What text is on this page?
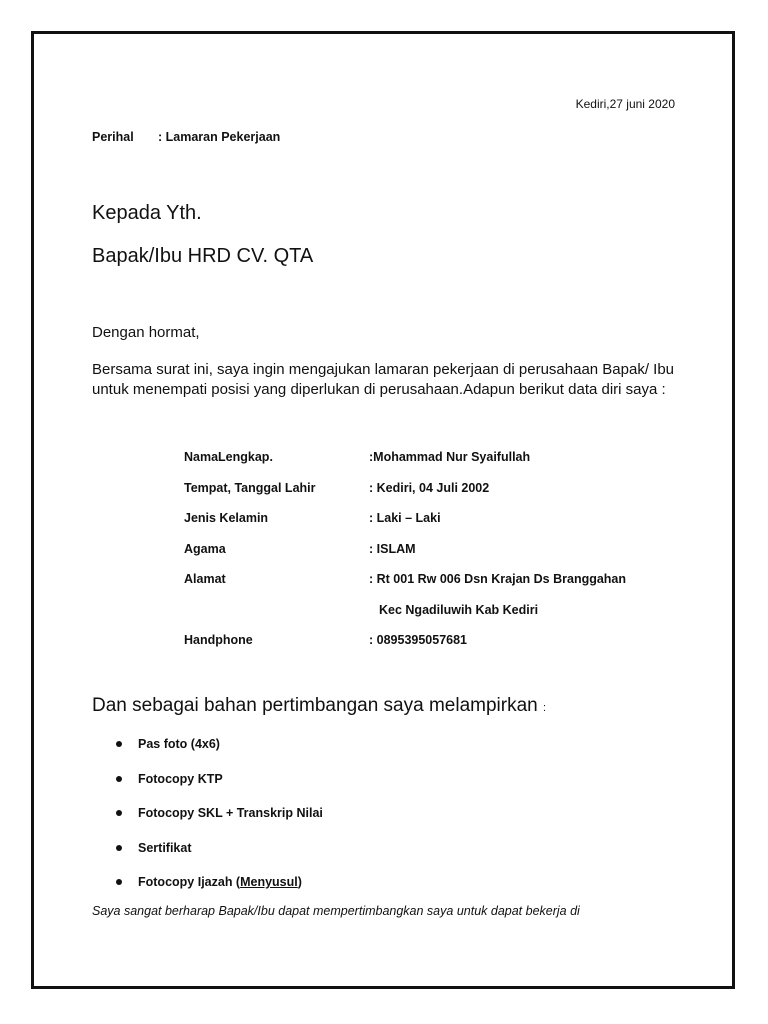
Kediri,27 juni 2020
Perihal : Lamaran Pekerjaan
Kepada Yth.
Bapak/Ibu HRD CV. QTA
Dengan hormat,
Bersama surat ini, saya ingin mengajukan lamaran pekerjaan di perusahaan Bapak/ Ibu untuk menempati posisi yang diperlukan di perusahaan.Adapun berikut data diri saya :
NamaLengkap.	:Mohammad Nur Syaifullah
Tempat, Tanggal Lahir	: Kediri, 04 Juli 2002
Jenis Kelamin	: Laki – Laki
Agama	: ISLAM
Alamat	: Rt 001 Rw 006 Dsn Krajan Ds Branggahan
	Kec Ngadiluwih Kab Kediri
Handphone	: 0895395057681
Dan sebagai bahan pertimbangan saya melampirkan :
Pas foto (4x6)
Fotocopy KTP
Fotocopy SKL + Transkrip Nilai
Sertifikat
Fotocopy Ijazah (Menyusul)
Saya sangat berharap Bapak/Ibu dapat mempertimbangkan saya untuk dapat bekerja di
